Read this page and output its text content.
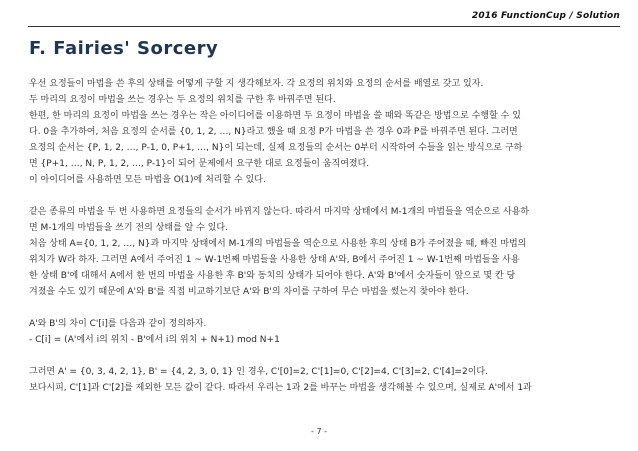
2016 FunctionCup / Solution
F. Fairies' Sorcery

우선 요정들이 마법을 쓴 후의 상태를 어떻게 구할 지 생각해보자. 각 요정의 위치와 요정의 순서를 배열로 갖고 있자.

두 마리의 요정이 마법을 쓰는 경우는 두 요정의 위치를 구한 후 바꿔주면 된다.

한편, 한 마리의 요정이 마법을 쓰는 경우는 작은 아이디어를 이용하면 두 요정이 마법을 쓸 때와 똑같은 방법으로 수행할 수 있

다. 0을 추가하여, 처음 요정의 순서를 {0, 1, 2, …, N}라고 했을 때 요정 P가 마법을 쓴 경우 0과 P를 바꿔주면 된다. 그러면

요정의 순서는 {P, 1, 2, …, P-1, 0, P+1, …, N}이 되는데, 실제 요정들의 순서는 0부터 시작하여 수들을 읽는 방식으로 구하

면 {P+1, …, N, P, 1, 2, …, P-1}이 되어 문제에서 요구한 대로 요정들이 움직여졌다.

이 아이디어를 사용하면 모든 마법을 O(1)에 처리할 수 있다.

같은 종류의 마법을 두 번 사용하면 요정들의 순서가 바뀌지 않는다. 따라서 마지막 상태에서 M-1개의 마법들을 역순으로 사용하

면 M-1개의 마법들을 쓰기 전의 상태를 알 수 있다.

처음 상태 A={0, 1, 2, …, N}과 마지막 상태에서 M-1개의 마법들을 역순으로 사용한 후의 상태 B가 주어졌을 때, 빠진 마법의

위치가 W라 하자. 그러면 A에서 주어진 1 ~ W-1번째 마법들을 사용한 상태 A'와, B에서 주어진 1 ~ W-1번째 마법들을 사용

한 상태 B'에 대해서 A에서 한 번의 마법을 사용한 후 B'와 동치의 상태가 되어야 한다. A'와 B'에서 숫자들이 앞으로 몇 칸 당

겨졌을 수도 있기 때문에 A'와 B'를 직접 비교하기보단 A'와 B'의 차이를 구하여 무슨 마법을 썼는지 찾아야 한다.

A'와 B'의 차이 C'[i]를 다음과 같이 정의하자.

- C[i] = (A'에서 i의 위치 - B'에서 i의 위치 + N+1) mod N+1

그러면 A' = {0, 3, 4, 2, 1}, B' = {4, 2, 3, 0, 1} 인 경우, C'[0]=2, C'[1]=0, C'[2]=4, C'[3]=2, C'[4]=2이다.

보다시피, C'[1]과 C'[2]를 제외한 모든 값이 같다. 따라서 우리는 1과 2를 바꾸는 마법을 생각해볼 수 있으며, 실제로 A'에서 1과

- 7 -
